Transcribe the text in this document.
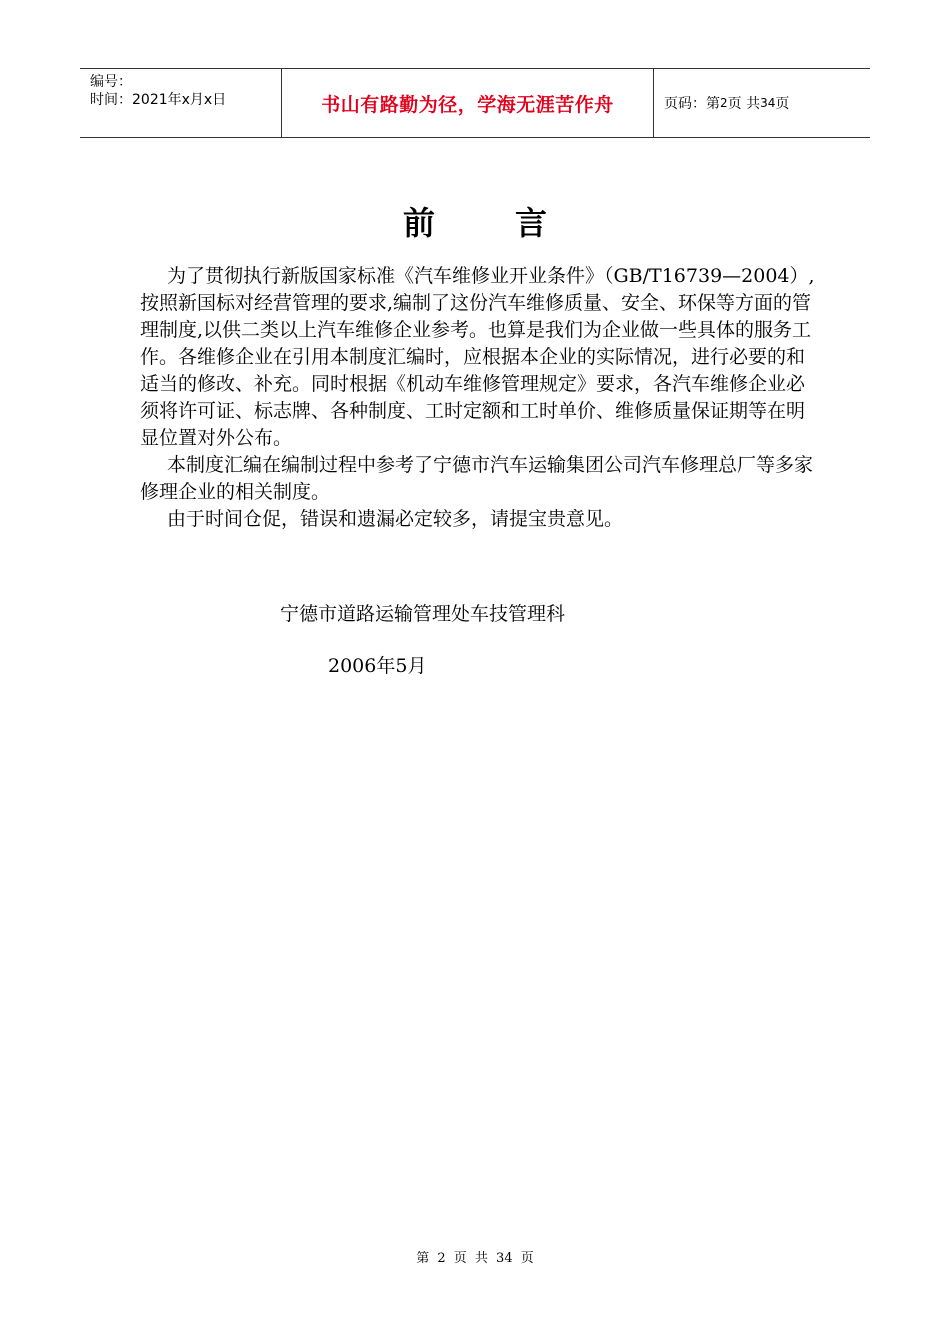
编号：
时间：2021年x月x日	书山有路勤为径，学海无涯苦作舟	页码：第 2 页 共 34 页
前言

为了贯彻执行新版国家标准《汽车维修业开业条件》（GB/T16739—2004）,按照新国标对经营管理的要求,编制了这份汽车维修质量、安全、环保等方面的管理制度,以供二类以上汽车维修企业参考。也算是我们为企业做一些具体的服务工作。各维修企业在引用本制度汇编时，应根据本企业的实际情况，进行必要的和适当的修改、补充。同时根据《机动车维修管理规定》要求，各汽车维修企业必须将许可证、标志牌、各种制度、工时定额和工时单价、维修质量保证期等在明显位置对外公布。

本制度汇编在编制过程中参考了宁德市汽车运输集团公司汽车修理总厂等多家修理企业的相关制度。

由于时间仓促，错误和遗漏必定较多，请提宝贵意见。

宁德市道路运输管理处车技管理科
2006年5月
第 2 页 共 34 页
